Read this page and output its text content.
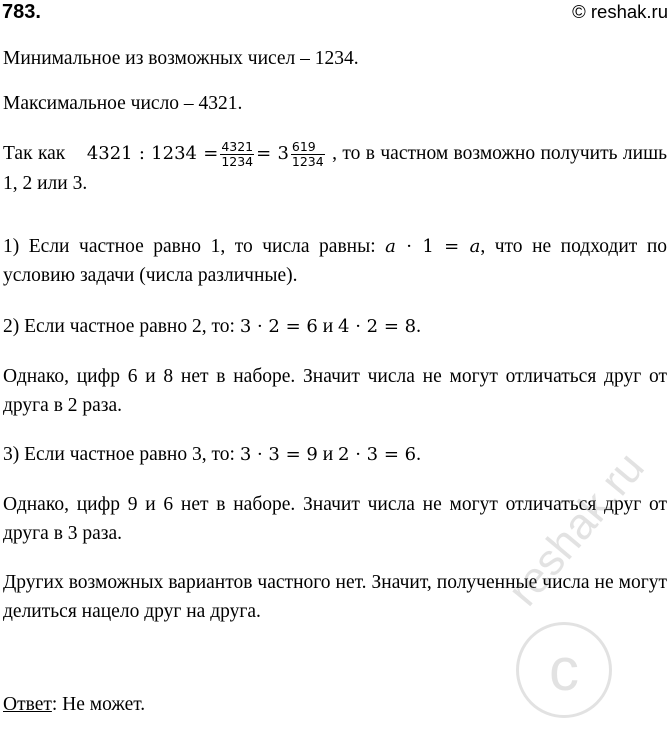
783.	© reshak.ru

Минимальное из возможных чисел – 1234.

Максимальное число – 4321.

Так как 4321 : $1234 = \frac{4321}{1234} = 3 \frac{619}{1234}$ , то в частном возможно получить лишь 1, 2 или 3.

1) Если частное равно 1, то числа равны: a · 1 = a, что не подходит по условию задачи (числа различные).

2) Если частное равно 2, то: 3 · 2 = 6 и 4 · 2 = 8.

Однако, цифр 6 и 8 нет в наборе. Значит числа не могут отличаться друг от друга в 2 раза.

3) Если частное равно 3, то: 3 · 3 = 9 и 2 · 3 = 6.

Однако, цифр 9 и 6 нет в наборе. Значит числа не могут отличаться друг от друга в 3 раза.

Других возможных вариантов частного нет. Значит, полученные числа не могут делиться нацело друг на друга.

Ответ: Не может.

reshak.ru
c
